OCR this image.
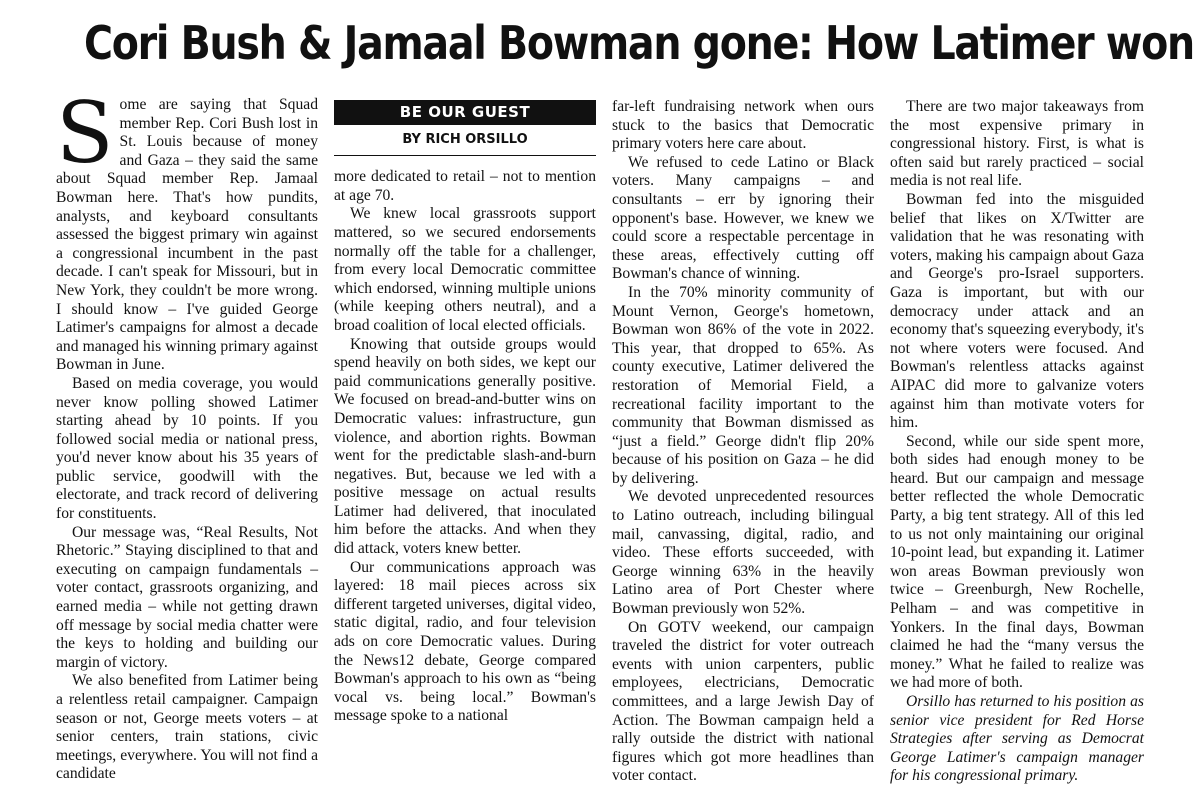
Cori Bush & Jamaal Bowman gone: How Latimer won

Some are saying that Squad member Rep. Cori Bush lost in St. Louis because of money and Gaza – they said the same about Squad member Rep. Jamaal Bowman here. That's how pundits, analysts, and keyboard consultants assessed the biggest primary win against a congressional incumbent in the past decade. I can't speak for Missouri, but in New York, they couldn't be more wrong. I should know – I've guided George Latimer's campaigns for almost a decade and managed his winning primary against Bowman in June.

Based on media coverage, you would never know polling showed Latimer starting ahead by 10 points. If you followed social media or national press, you'd never know about his 35 years of public service, goodwill with the electorate, and track record of delivering for constituents.

Our message was, “Real Results, Not Rhetoric.” Staying disciplined to that and executing on campaign fundamentals – voter contact, grassroots organizing, and earned media – while not getting drawn off message by social media chatter were the keys to holding and building our margin of victory.

We also benefited from Latimer being a relentless retail campaigner. Campaign season or not, George meets voters – at senior centers, train stations, civic meetings, everywhere. You will not find a candidate

BE OUR GUEST
BY RICH ORSILLO

more dedicated to retail – not to mention at age 70.

We knew local grassroots support mattered, so we secured endorsements normally off the table for a challenger, from every local Democratic committee which endorsed, winning multiple unions (while keeping others neutral), and a broad coalition of local elected officials.

Knowing that outside groups would spend heavily on both sides, we kept our paid communications generally positive. We focused on bread-and-butter wins on Democratic values: infrastructure, gun violence, and abortion rights. Bowman went for the predictable slash-and-burn negatives. But, because we led with a positive message on actual results Latimer had delivered, that inoculated him before the attacks. And when they did attack, voters knew better.

Our communications approach was layered: 18 mail pieces across six different targeted universes, digital video, static digital, radio, and four television ads on core Democratic values. During the News12 debate, George compared Bowman's approach to his own as “being vocal vs. being local.” Bowman's message spoke to a national

far-left fundraising network when ours stuck to the basics that Democratic primary voters here care about.

We refused to cede Latino or Black voters. Many campaigns – and consultants – err by ignoring their opponent's base. However, we knew we could score a respectable percentage in these areas, effectively cutting off Bowman's chance of winning.

In the 70% minority community of Mount Vernon, George's hometown, Bowman won 86% of the vote in 2022. This year, that dropped to 65%. As county executive, Latimer delivered the restoration of Memorial Field, a recreational facility important to the community that Bowman dismissed as “just a field.” George didn't flip 20% because of his position on Gaza – he did by delivering.

We devoted unprecedented resources to Latino outreach, including bilingual mail, canvassing, digital, radio, and video. These efforts succeeded, with George winning 63% in the heavily Latino area of Port Chester where Bowman previously won 52%.

On GOTV weekend, our campaign traveled the district for voter outreach events with union carpenters, public employees, electricians, Democratic committees, and a large Jewish Day of Action. The Bowman campaign held a rally outside the district with national figures which got more headlines than voter contact.

There are two major takeaways from the most expensive primary in congressional history. First, is what is often said but rarely practiced – social media is not real life.

Bowman fed into the misguided belief that likes on X/Twitter are validation that he was resonating with voters, making his campaign about Gaza and George's pro-Israel supporters. Gaza is important, but with our democracy under attack and an economy that's squeezing everybody, it's not where voters were focused. And Bowman's relentless attacks against AIPAC did more to galvanize voters against him than motivate voters for him.

Second, while our side spent more, both sides had enough money to be heard. But our campaign and message better reflected the whole Democratic Party, a big tent strategy. All of this led to us not only maintaining our original 10-point lead, but expanding it. Latimer won areas Bowman previously won twice – Greenburgh, New Rochelle, Pelham – and was competitive in Yonkers. In the final days, Bowman claimed he had the “many versus the money.” What he failed to realize was we had more of both.

Orsillo has returned to his position as senior vice president for Red Horse Strategies after serving as Democrat George Latimer's campaign manager for his congressional primary.
